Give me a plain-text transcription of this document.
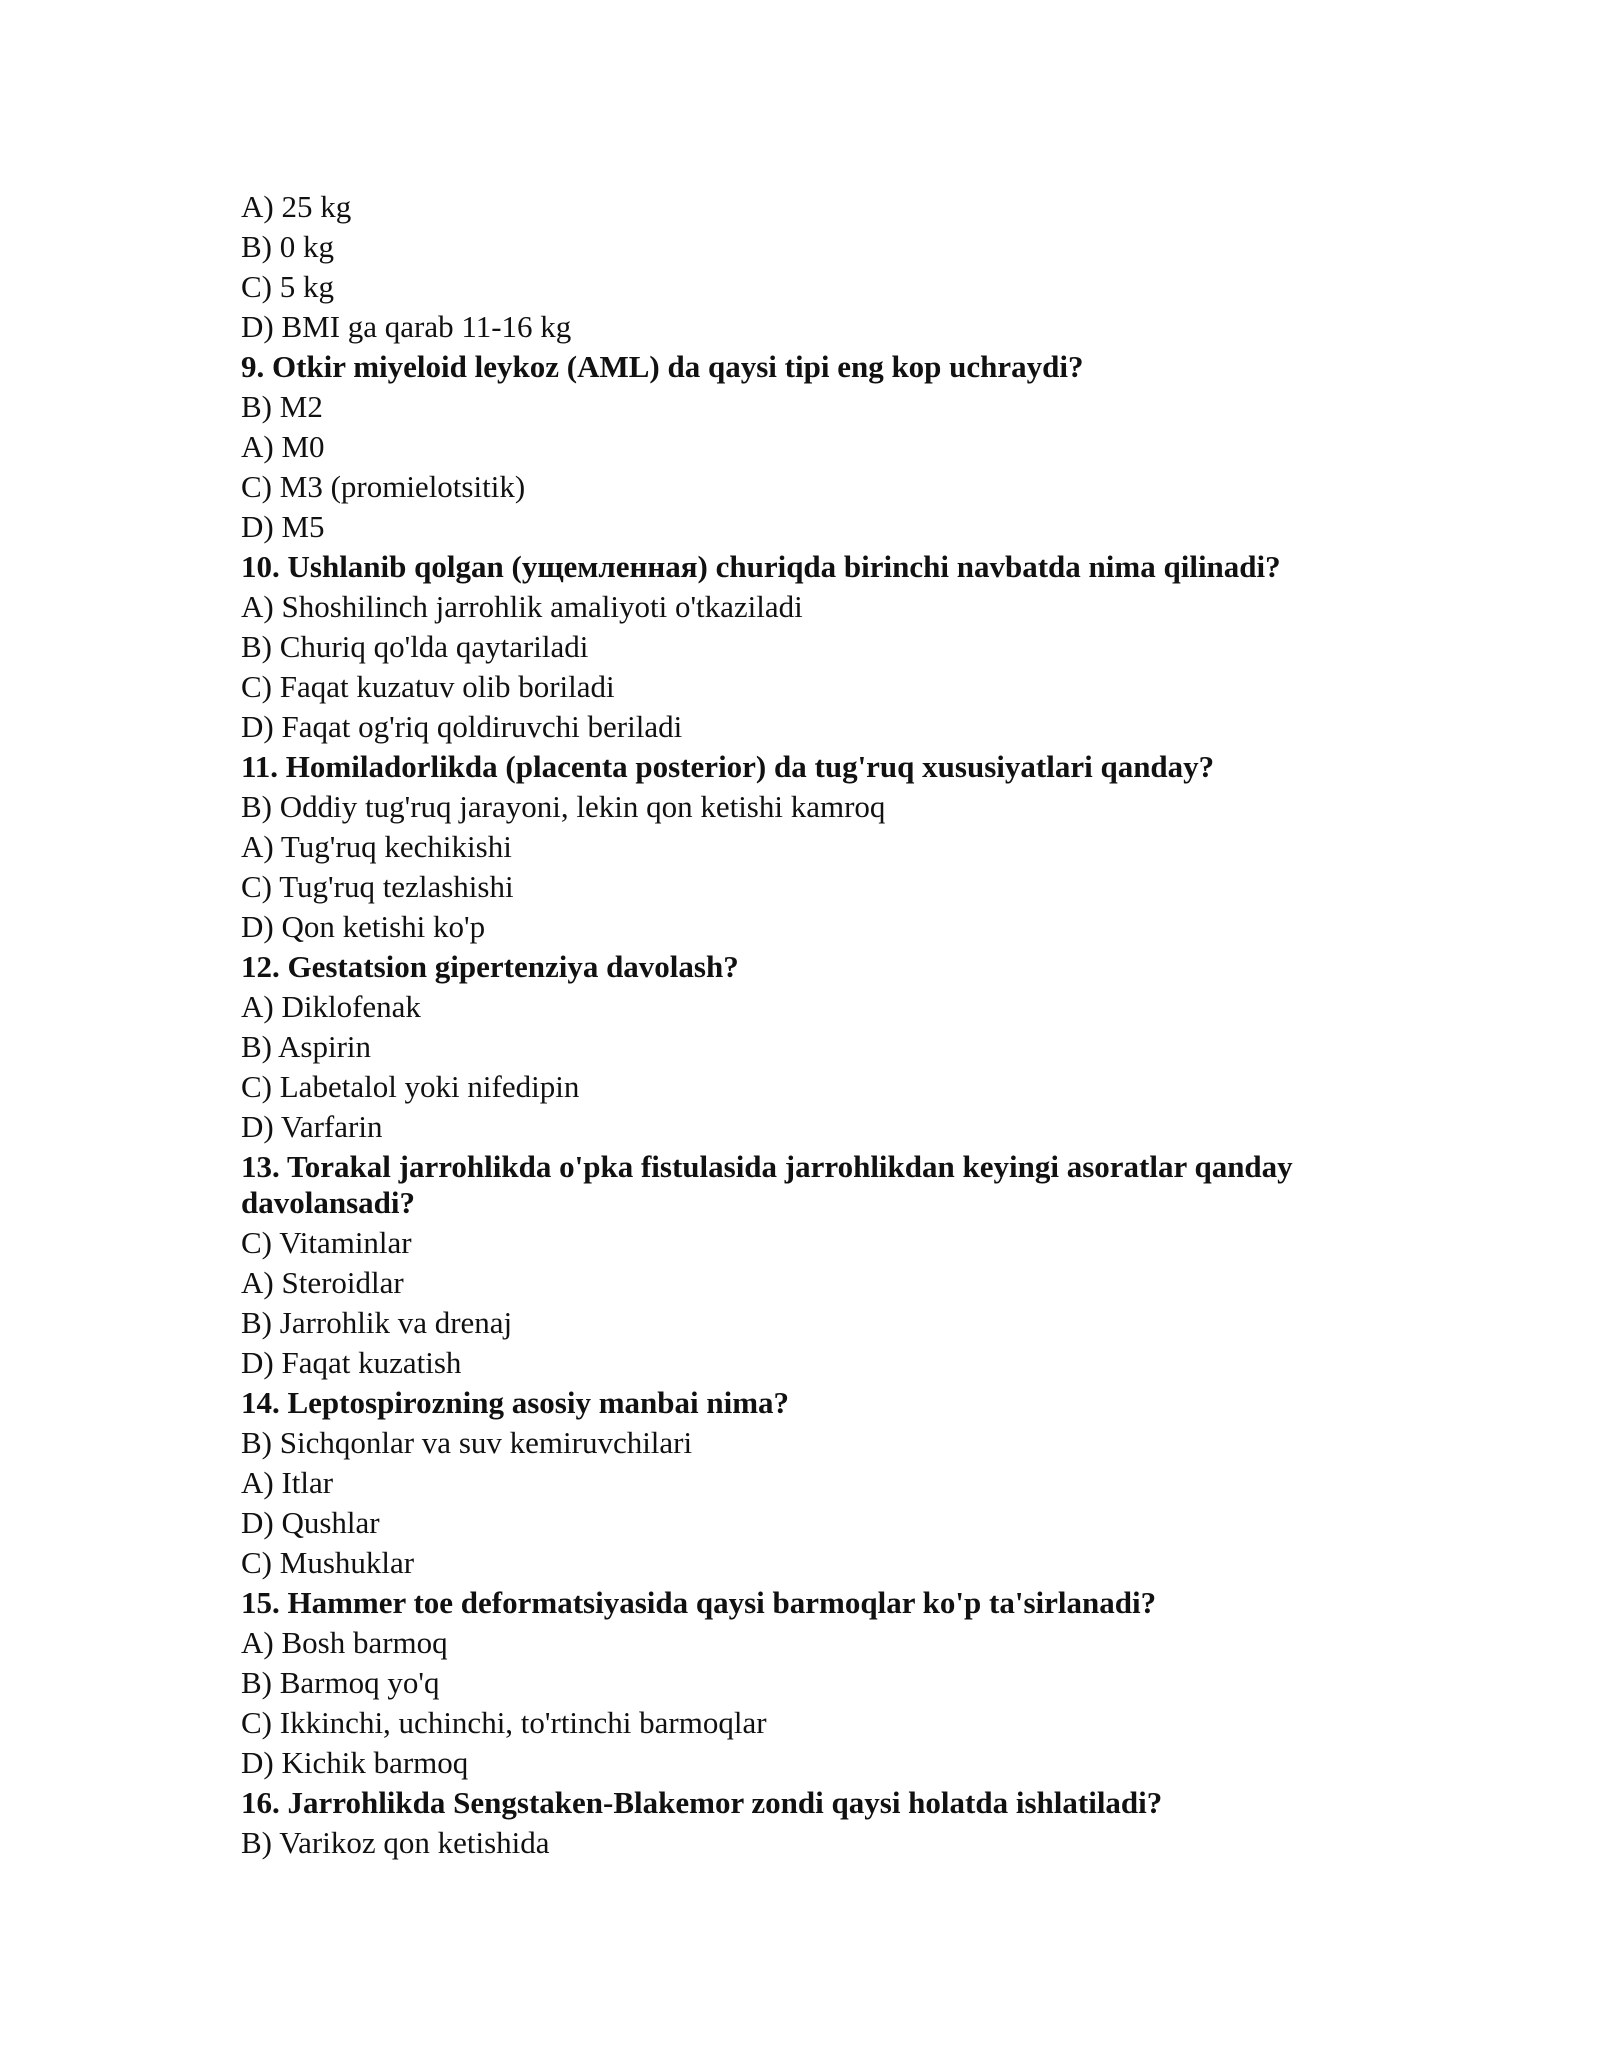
A) 25 kg
B) 0 kg
C) 5 kg
D) BMI ga qarab 11-16 kg
9. Otkir miyeloid leykoz (AML) da qaysi tipi eng kop uchraydi?
B) M2
A) M0
C) M3 (promielotsitik)
D) M5
10. Ushlanib qolgan (ущемленная) churiqda birinchi navbatda nima qilinadi?
A) Shoshilinch jarrohlik amaliyoti o'tkaziladi
B) Churiq qo'lda qaytariladi
C) Faqat kuzatuv olib boriladi
D) Faqat og'riq qoldiruvchi beriladi
11. Homiladorlikda (placenta posterior) da tug'ruq xususiyatlari qanday?
B) Oddiy tug'ruq jarayoni, lekin qon ketishi kamroq
A) Tug'ruq kechikishi
C) Tug'ruq tezlashishi
D) Qon ketishi ko'p
12. Gestatsion gipertenziya davolash?
A) Diklofenak
B) Aspirin
C) Labetalol yoki nifedipin
D) Varfarin
13. Torakal jarrohlikda o'pka fistulasida jarrohlikdan keyingi asoratlar qanday davolansadi?
C) Vitaminlar
A) Steroidlar
B) Jarrohlik va drenaj
D) Faqat kuzatish
14. Leptospirozning asosiy manbai nima?
B) Sichqonlar va suv kemiruvchilari
A) Itlar
D) Qushlar
C) Mushuklar
15. Hammer toe deformatsiyasida qaysi barmoqlar ko'p ta'sirlanadi?
A) Bosh barmoq
B) Barmoq yo'q
C) Ikkinchi, uchinchi, to'rtinchi barmoqlar
D) Kichik barmoq
16. Jarrohlikda Sengstaken-Blakemor zondi qaysi holatda ishlatiladi?
B) Varikoz qon ketishida
